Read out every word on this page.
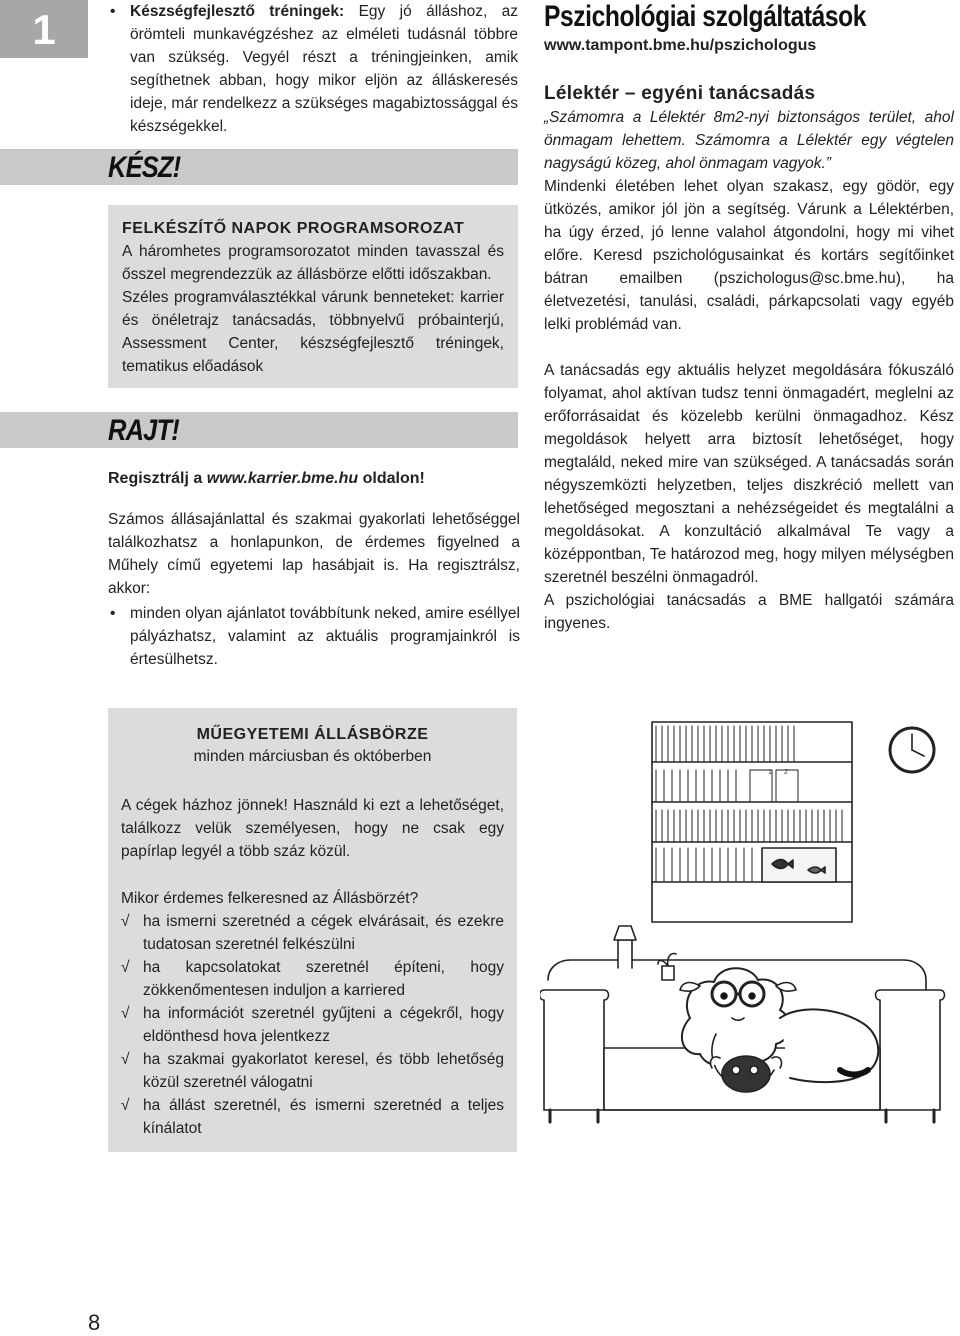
1
•	Készségfejlesztő tréningek: Egy jó álláshoz, az örömteli munkavégzéshez az elméleti tudásnál többre van szükség. Vegyél részt a tréningjeinken, amik segíthetnek abban, hogy mikor eljön az álláskeresés ideje, már rendelkezz a szükséges magabiztossággal és készségekkel.
KÉSZ!
FELKÉSZÍTŐ NAPOK PROGRAMSOROZAT

A háromhetes programsorozatot minden tavasszal és ősszel megrendezzük az állásbörze előtti időszakban.

Széles programválasztékkal várunk benneteket: karrier és önéletrajz tanácsadás, többnyelvű próbainterjú, Assessment Center, készségfejlesztő tréningek, tematikus előadások

RAJT!
Regisztrálj a www.karrier.bme.hu oldalon!

Számos állásajánlattal és szakmai gyakorlati lehetőséggel találkozhatsz a honlapunkon, de érdemes figyelned a Műhely című egyetemi lap hasábjait is. Ha regisztrálsz, akkor:

• minden olyan ajánlatot továbbítunk neked, amire eséllyel pályázhatsz, valamint az aktuális programjainkról is értesülhetsz.
Pszichológiai szolgáltatások
www.tampont.bme.hu/pszichologus
Lélektér – egyéni tanácsadás

„Számomra a Lélektér 8m2-nyi biztonságos terület, ahol önmagam lehettem. Számomra a Lélektér egy végtelen nagyságú közeg, ahol önmagam vagyok.”

Mindenki életében lehet olyan szakasz, egy gödör, egy ütközés, amikor jól jön a segítség. Várunk a Lélektérben, ha úgy érzed, jó lenne valahol átgondolni, hogy mi vihet előre. Keresd pszichológusainkat és kortárs segítőinket bátran emailben (pszichologus@sc.bme.hu), ha életvezetési, tanulási, családi, párkapcsolati vagy egyéb lelki problémád van.

A tanácsadás egy aktuális helyzet megoldására fókuszáló folyamat, ahol aktívan tudsz tenni önmagadért, meglelni az erőforrásaidat és közelebb kerülni önmagadhoz. Kész megoldások helyett arra biztosít lehetőséget, hogy megtaláld, neked mire van szükséged. A tanácsadás során négyszemközti helyzetben, teljes diszkréció mellett van lehetőséged megosztani a nehézségeidet és megtalálni a megoldásokat. A konzultáció alkalmával Te vagy a középpontban, Te határozod meg, hogy milyen mélységben szeretnél beszélni önmagadról.

A pszichológiai tanácsadás a BME hallgatói számára ingyenes.

MŰEGYETEMI ÁLLÁSBÖRZE
minden márciusban és októberben

A cégek házhoz jönnek! Használd ki ezt a lehetőséget, találkozz velük személyesen, hogy ne csak egy papírlap legyél a több száz közül.

Mikor érdemes felkeresned az Állásbörzét?
√ ha ismerni szeretnéd a cégek elvárásait, és ezekre tudatosan szeretnél felkészülni
√ ha kapcsolatokat szeretnél építeni, hogy zökkenőmentesen induljon a karriered
√ ha információt szeretnél gyűjteni a cégekről, hogy eldönthesd hova jelentkezz
√ ha szakmai gyakorlatot keresel, és több lehetőség közül szeretnél válogatni
√ ha állást szeretnél, és ismerni szeretnéd a teljes kínálatot
1 2
8
